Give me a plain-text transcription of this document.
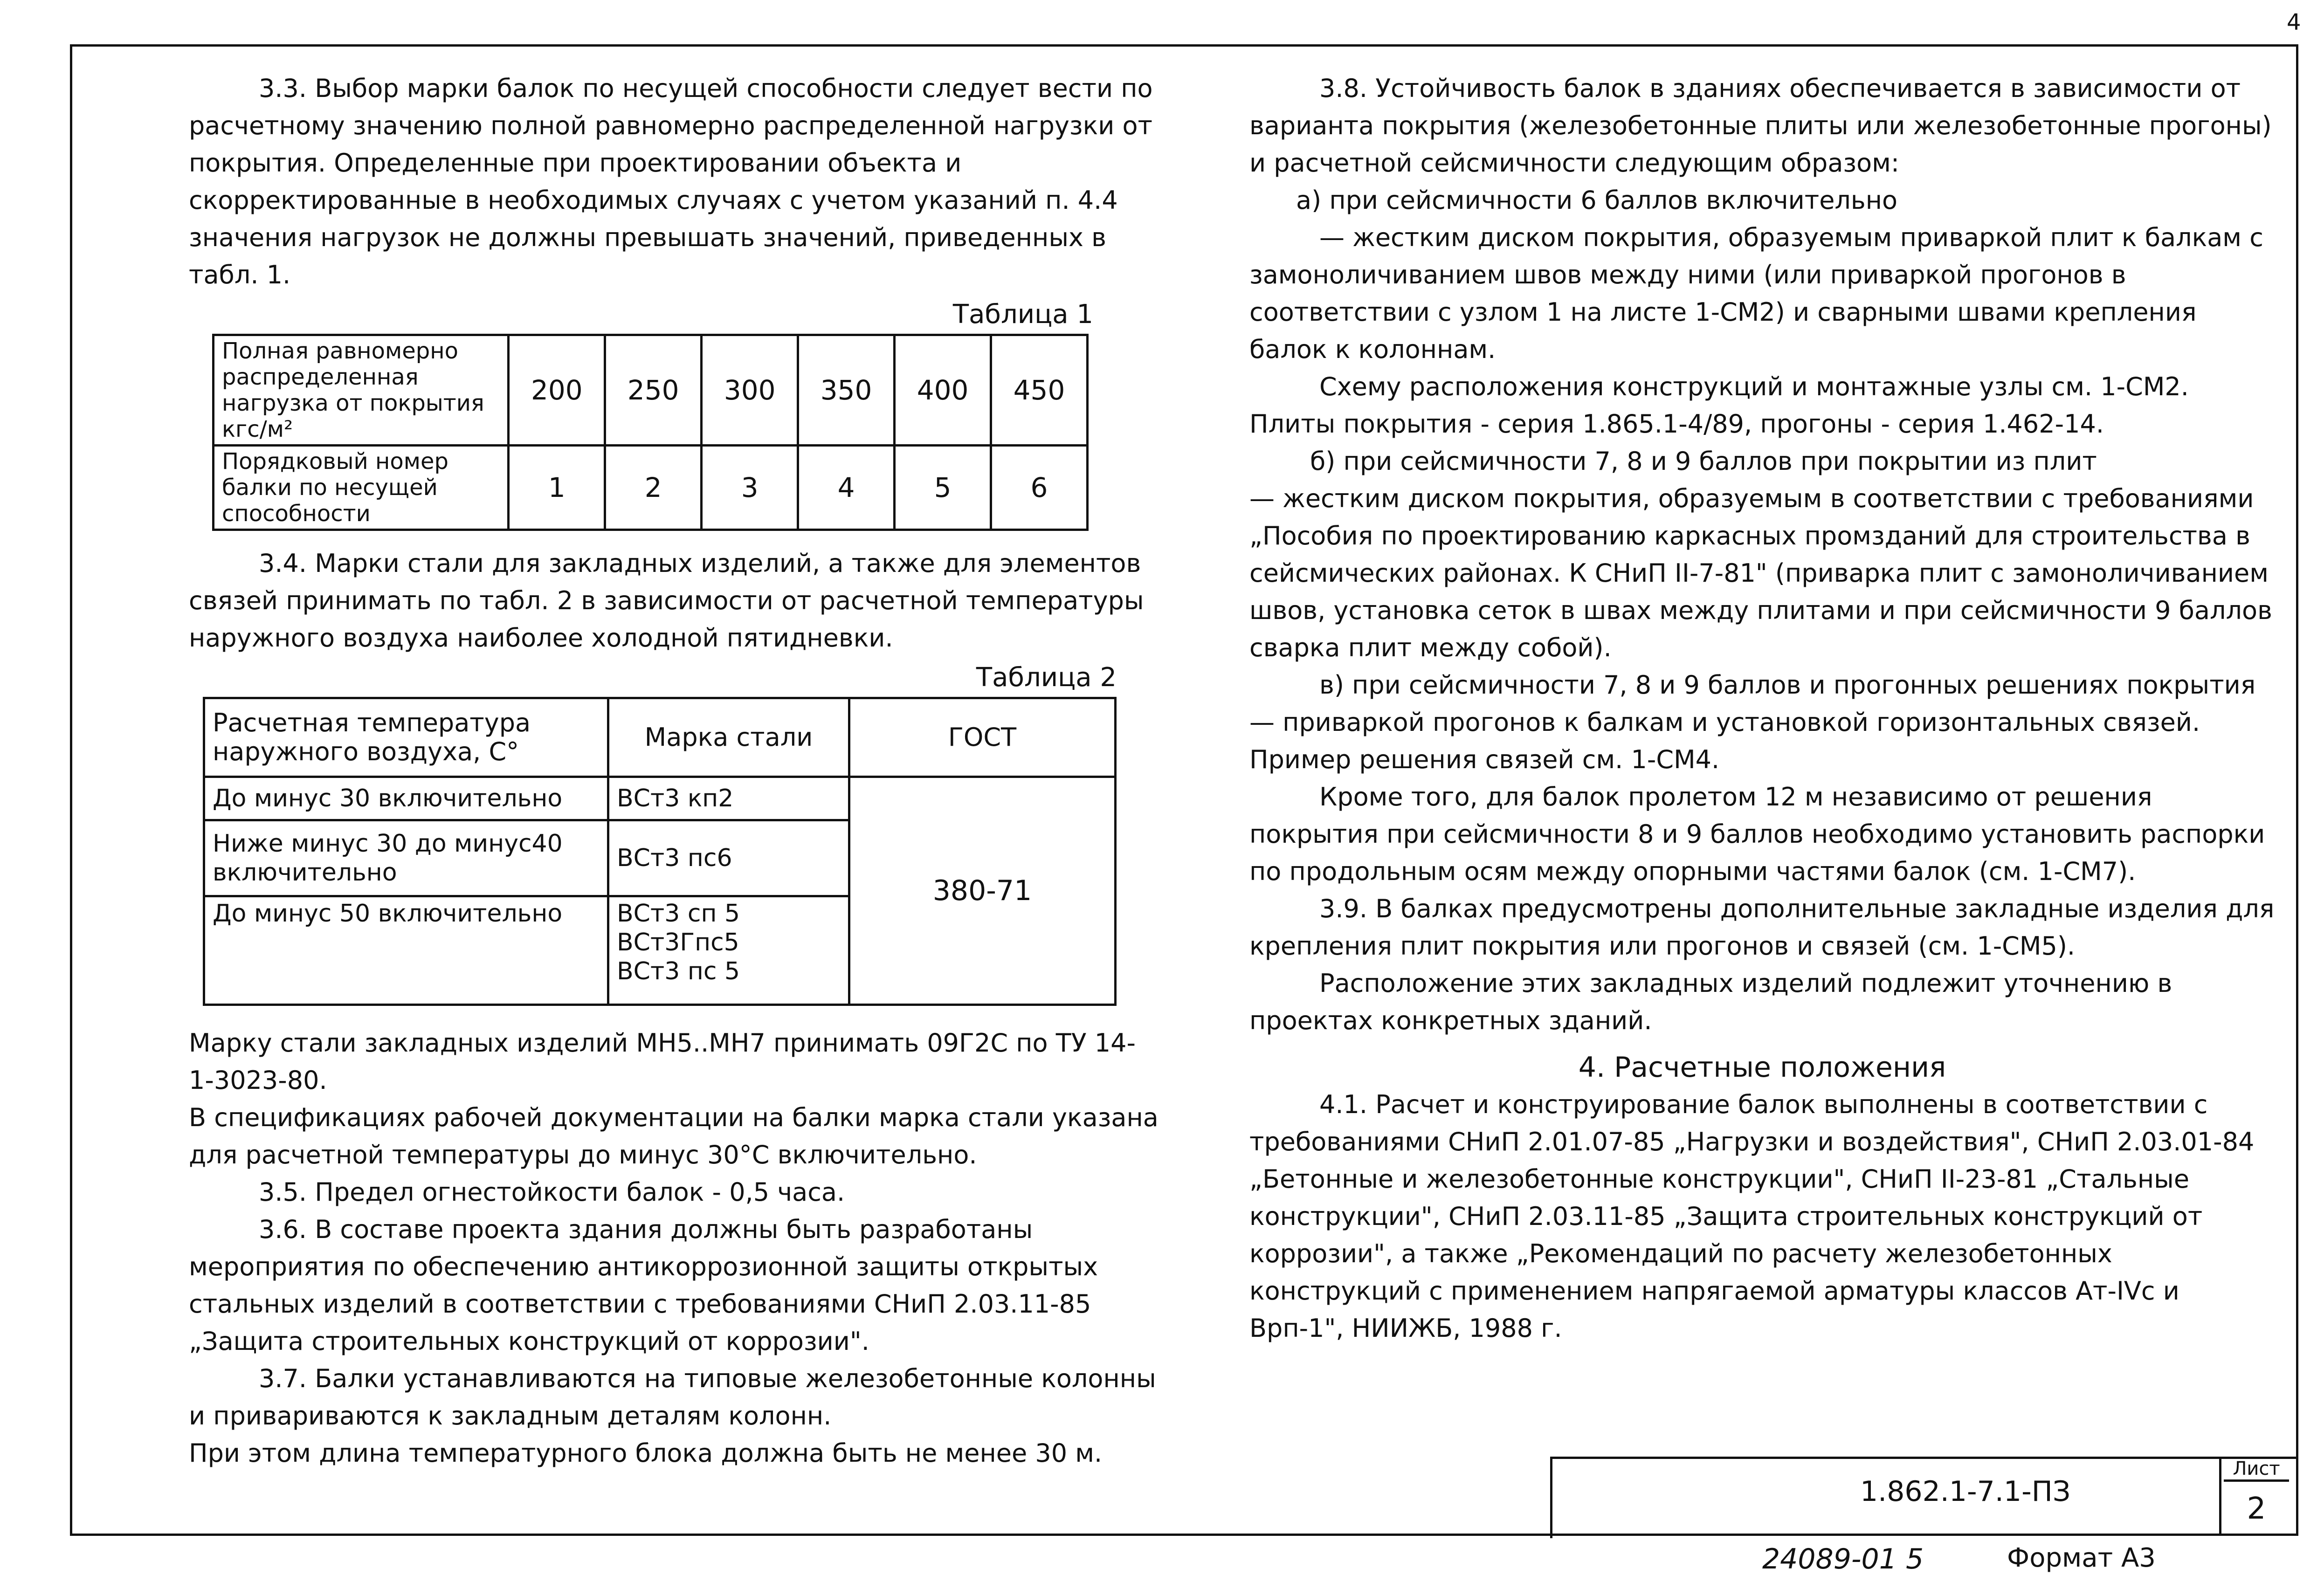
4

3.3. Выбор марки балок по несущей способности следует вести по расчетному значению полной равномерно распределенной нагрузки от покрытия. Определенные при проектировании объекта и скорректированные в необходимых случаях с учетом указаний п. 4.4 значения нагрузок не должны превышать значений, приведенных в табл. 1.

Таблица 1
Полная равномерно распределенная нагрузка от покрытия кгс/м²	200	250	300	350	400	450
Порядковый номер балки по несущей способности	1	2	3	4	5	6

3.4. Марки стали для закладных изделий, а также для элементов связей принимать по табл. 2 в зависимости от расчетной температуры наружного воздуха наиболее холодной пятидневки.

Таблица 2
Расчетная температура наружного воздуха, С°	Марка стали	ГОСТ
До минус 30 включительно	ВСт3 кп2	380-71
Ниже минус 30 до минус40 включительно	ВСт3 пс6	
До минус 50 включительно	ВСт3 сп 5
ВСт3Гпс5
ВСт3 пс 5	

Марку стали закладных изделий МН5..МН7 принимать 09Г2С по ТУ 14-1-3023-80.

В спецификациях рабочей документации на балки марка стали указана для расчетной температуры до минус 30°С включительно.

3.5. Предел огнестойкости балок - 0,5 часа.

3.6. В составе проекта здания должны быть разработаны мероприятия по обеспечению антикоррозионной защиты открытых стальных изделий в соответствии с требованиями СНиП 2.03.11-85 „Защита строительных конструкций от коррозии".

3.7. Балки устанавливаются на типовые железобетонные колонны и привариваются к закладным деталям колонн.

При этом длина температурного блока должна быть не менее 30 м.

3.8. Устойчивость балок в зданиях обеспечивается в зависимости от варианта покрытия (железобетонные плиты или железобетонные прогоны) и расчетной сейсмичности следующим образом:

а) при сейсмичности 6 баллов включительно

— жестким диском покрытия, образуемым приваркой плит к балкам с замоноличиванием швов между ними (или приваркой прогонов в соответствии с узлом 1 на листе 1-СМ2) и сварными швами крепления балок к колоннам.

Схему расположения конструкций и монтажные узлы см. 1-СМ2.

Плиты покрытия - серия 1.865.1-4/89, прогоны - серия 1.462-14.

б) при сейсмичности 7, 8 и 9 баллов при покрытии из плит

— жестким диском покрытия, образуемым в соответствии с требованиями „Пособия по проектированию каркасных промзданий для строительства в сейсмических районах. К СНиП II-7-81" (приварка плит с замоноличиванием швов, установка сеток в швах между плитами и при сейсмичности 9 баллов сварка плит между собой).

в) при сейсмичности 7, 8 и 9 баллов и прогонных решениях покрытия — приваркой прогонов к балкам и установкой горизонтальных связей. Пример решения связей см. 1-СМ4.

Кроме того, для балок пролетом 12 м независимо от решения покрытия при сейсмичности 8 и 9 баллов необходимо установить распорки по продольным осям между опорными частями балок (см. 1-СМ7).

3.9. В балках предусмотрены дополнительные закладные изделия для крепления плит покрытия или прогонов и связей (см. 1-СМ5).

Расположение этих закладных изделий подлежит уточнению в проектах конкретных зданий.

4. Расчетные положения

4.1. Расчет и конструирование балок выполнены в соответствии с требованиями СНиП 2.01.07-85 „Нагрузки и воздействия", СНиП 2.03.01-84 „Бетонные и железобетонные конструкции", СНиП II-23-81 „Стальные конструкции", СНиП 2.03.11-85 „Защита строительных конструкций от коррозии", а также „Рекомендаций по расчету железобетонных конструкций с применением напрягаемой арматуры классов Ат-IVс и Врп-1", НИИЖБ, 1988 г.

1.862.1-7.1-ПЗ
Лист
2
24089-01 5	Формат А3
